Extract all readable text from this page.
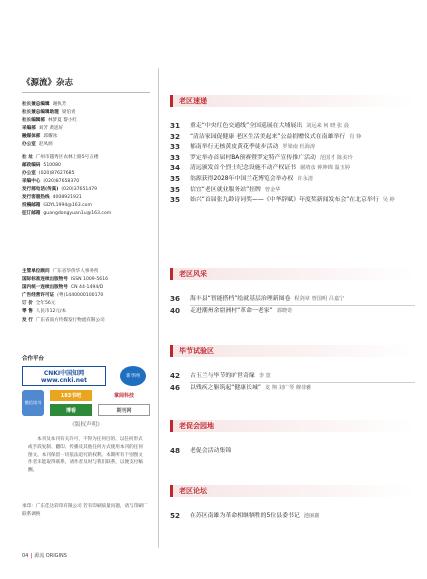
《源流》杂志
社长兼总编辑 谢执芳
社长兼总编辑助理 梁伯青
社长编辑部 林梦夏 黎小红
采编部 刘芳 黄思好
融媒体部 邱耀冰
办公室 赵凤炳
社 址 广州市越秀区农林上路5号五楼
邮政编码 510080
办公室 (020)87627685
采编中心 (020)87658370
发行部电话(传真) (020)37651479
发行客服热线 4008921921
投稿邮箱 GDYL1994@163.com
征订邮箱 guangdongyuan1u@163.com
主管单位顾问 广东省华侨华人事务所
国际标准连续出版物号 ISSN 1009-5616
国内统一连续出版物号 CN 44-1494/D
广告经营许可证 (粤)1440000100170
订 价 全年56元
零 售 人民币12元/本
发 行 广东省南方传媒发行物流有限公司
合作平台
CNKI中国知网 www.cnki.net
新华网
微信读书
183书吧	掌阅科技
博看	期刊网
《版权声明》
本刊及本刊有关许可，不得为任何目的、以任何形式或手段复制、翻印、传播及其他任何方式使用本刊的任何图文。本刊保留一切依法追究的权利。本期所有个别图文作者未能取得联系，请作者及时与我们联系，以便支付稿酬。
承印：广东佳达彩印有限公司 若有印刷质量问题，请与印刷厂联系调换
04 | 源流 ORIGINS
老区速递
31	重走“中央红色交通线”全国巡展在大埔展出 刘远来 何 晓 张 晨
32	“清洁家园促健康 老区生活美起来”公益捐赠仪式在南雄举行 肖 铮
33	郁南举行无核黄皮黄花季徒步活动 罗梁南 杜海涛
33	罗定举办首届村BA预赛暨罗定特产宣传推广活动 范国才 陈美玲
34	清远颁发首个烈士纪念设施不动产权证书 谢靖彦 钟坤锦 温玉婷
35	翁源获得2028年中国兰花博览会举办权 许永清
35	信宜“老区就业服务站”挂牌 曾金华
35	始兴“首届张九龄诗词奖——《中华辞赋》年度奖新闻发布会”在北京举行 吴 婷
老区风采
36	海丰县“智能搭档”绘就基层治理新图卷 程剑章 曾国明 吕嘉宁
40	走进潮州余窟洲村“革命一老家” 郭晓奇
毕节试验区
42	古玉兰与毕节的旷世奇缘 李 宽
46	以残疾之躯筑起“健康长城” 龙 翔 刘广琴 穆菲雅
老促会园地
48	老促会活动集锦
老区论坛
52	在苏区南雄为革命相继牺牲的5位县委书记 池丽襄
